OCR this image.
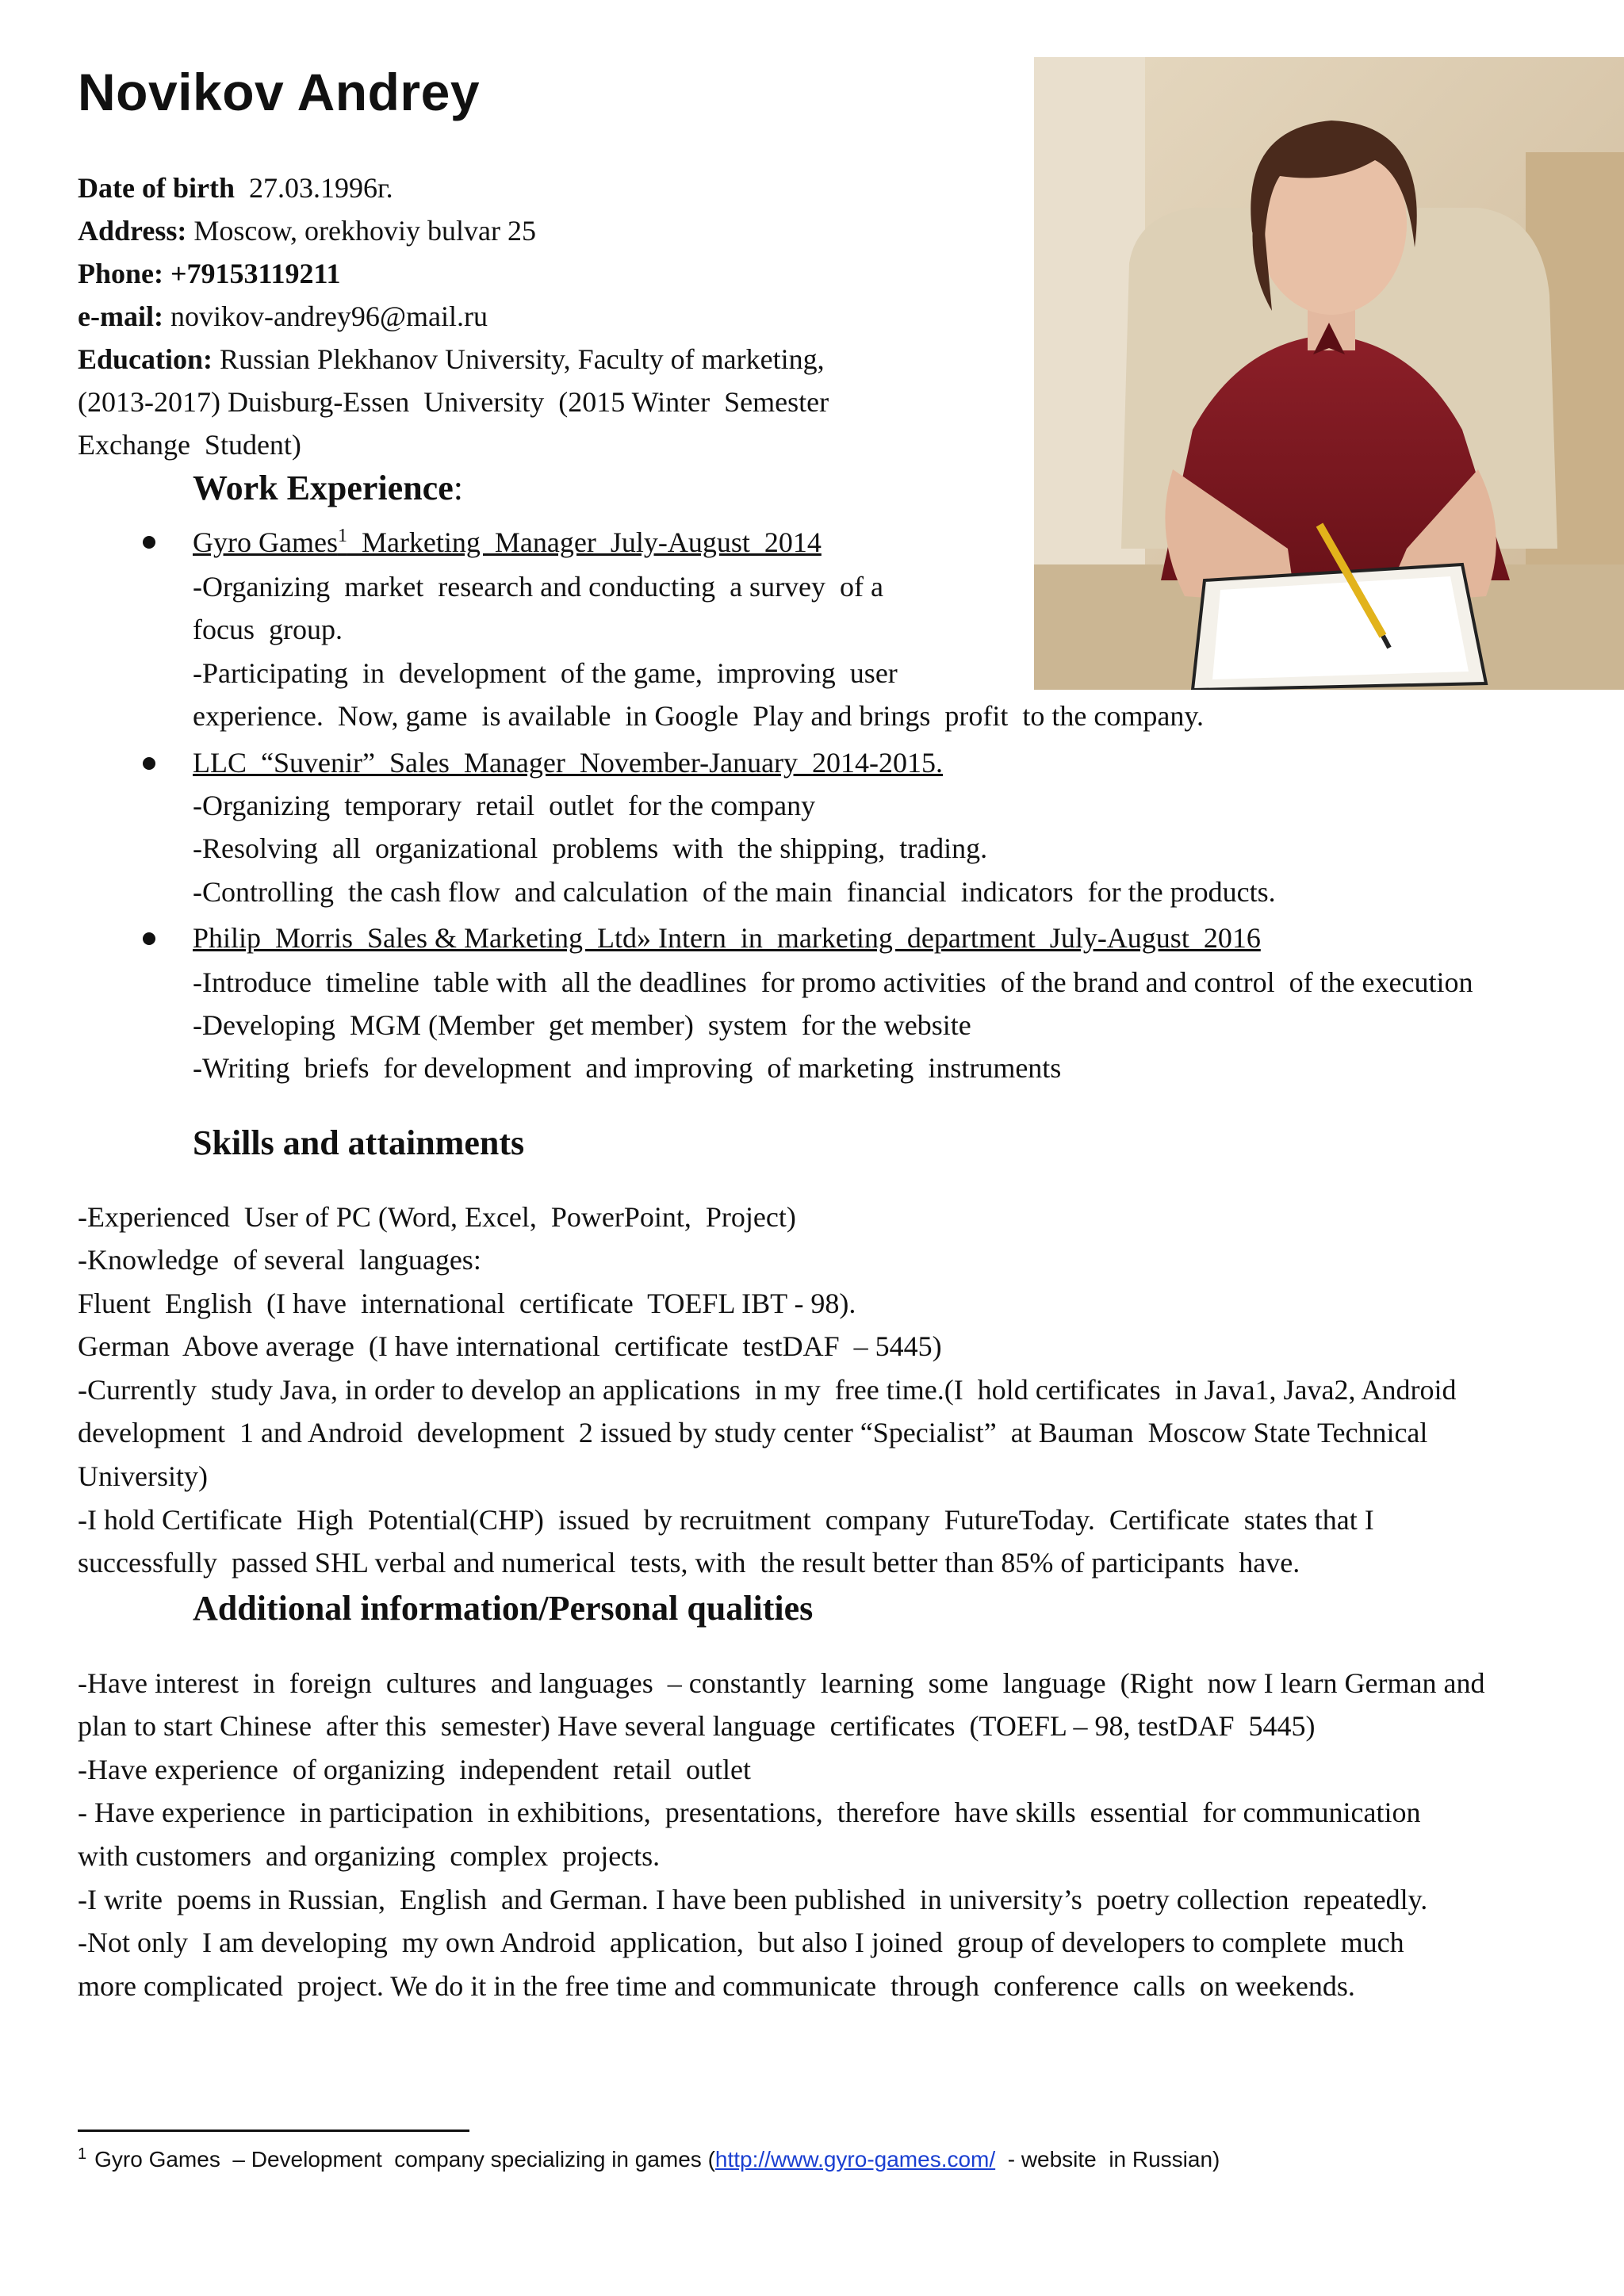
Novikov Andrey
Date of birth 27.03.1996г.
Address: Moscow, orekhoviy bulvar 25
Phone: +79153119211
e-mail: novikov-andrey96@mail.ru
Education: Russian Plekhanov University, Faculty of marketing,
(2013-2017) Duisburg-Essen  University  (2015 Winter  Semester
Exchange  Student)
Work Experience:
Gyro Games$^1$  Marketing  Manager  July-August  2014
-Organizing  market  research and conducting  a survey  of a
focus  group.
-Participating  in  development  of the game,  improving  user
experience.  Now, game  is available  in Google  Play and brings  profit  to the company.
LLC  “Suvenir”  Sales  Manager  November-January  2014-2015.
-Organizing  temporary  retail  outlet  for the company
-Resolving  all  organizational  problems  with  the shipping,  trading.
-Controlling  the cash flow  and calculation  of the main  financial  indicators  for the products.
Philip  Morris  Sales & Marketing  Ltd» Intern  in  marketing  department  July-August  2016
-Introduce  timeline  table with  all the deadlines  for promo activities  of the brand and control  of the execution
-Developing  MGM (Member  get member)  system  for the website
-Writing  briefs  for development  and improving  of marketing  instruments
Skills and attainments
-Experienced  User of PC (Word, Excel,  PowerPoint,  Project)
-Knowledge  of several  languages:
Fluent  English  (I have  international  certificate  TOEFL IBT - 98).
German  Above average  (I have international  certificate  testDAF  – 5445)
-Currently  study Java, in order to develop an applications  in my  free time.(I  hold certificates  in Java1, Java2, Android
development  1 and Android  development  2 issued by study center “Specialist”  at Bauman  Moscow State Technical
University)
-I hold Certificate  High  Potential(CHP)  issued  by recruitment  company  FutureToday.  Certificate  states that I
successfully  passed SHL verbal and numerical  tests, with  the result better than 85% of participants  have.
Additional information/Personal qualities
-Have interest  in  foreign  cultures  and languages  – constantly  learning  some  language  (Right  now I learn German and
plan to start Chinese  after this  semester) Have several language  certificates  (TOEFL – 98, testDAF  5445)
-Have experience  of organizing  independent  retail  outlet
- Have experience  in participation  in exhibitions,  presentations,  therefore  have skills  essential  for communication
with customers  and organizing  complex  projects.
-I write  poems in Russian,  English  and German. I have been published  in university’s  poetry collection  repeatedly.
-Not only  I am developing  my own Android  application,  but also I joined  group of developers to complete  much
more complicated  project. We do it in the free time and communicate  through  conference  calls  on weekends.
$^1$ Gyro Games  – Development  company specializing in games (http://www.gyro-games.com/  - website  in Russian)
